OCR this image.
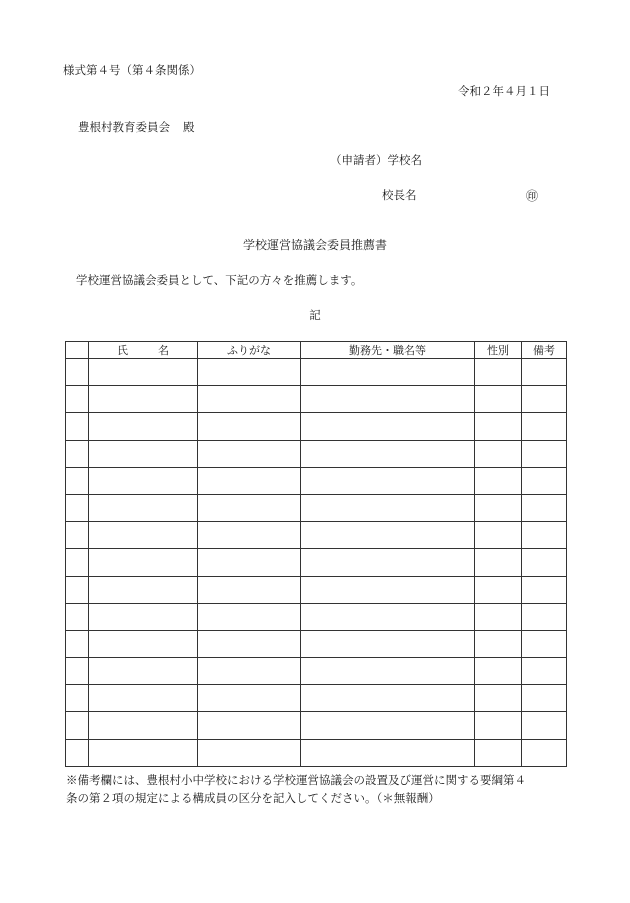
様式第４号（第４条関係）
令和２年４月１日
豊根村教育委員会 殿
（申請者）学校名
校長名	㊞
学校運営協議会委員推薦書
学校運営協議会委員として、下記の方々を推薦します。
記
	氏 名	ふりがな	勤務先・職名等	性別	備考

※備考欄には、豊根村小中学校における学校運営協議会の設置及び運営に関する要綱第４
条の第２項の規定による構成員の区分を記入してください。（＊無報酬）
